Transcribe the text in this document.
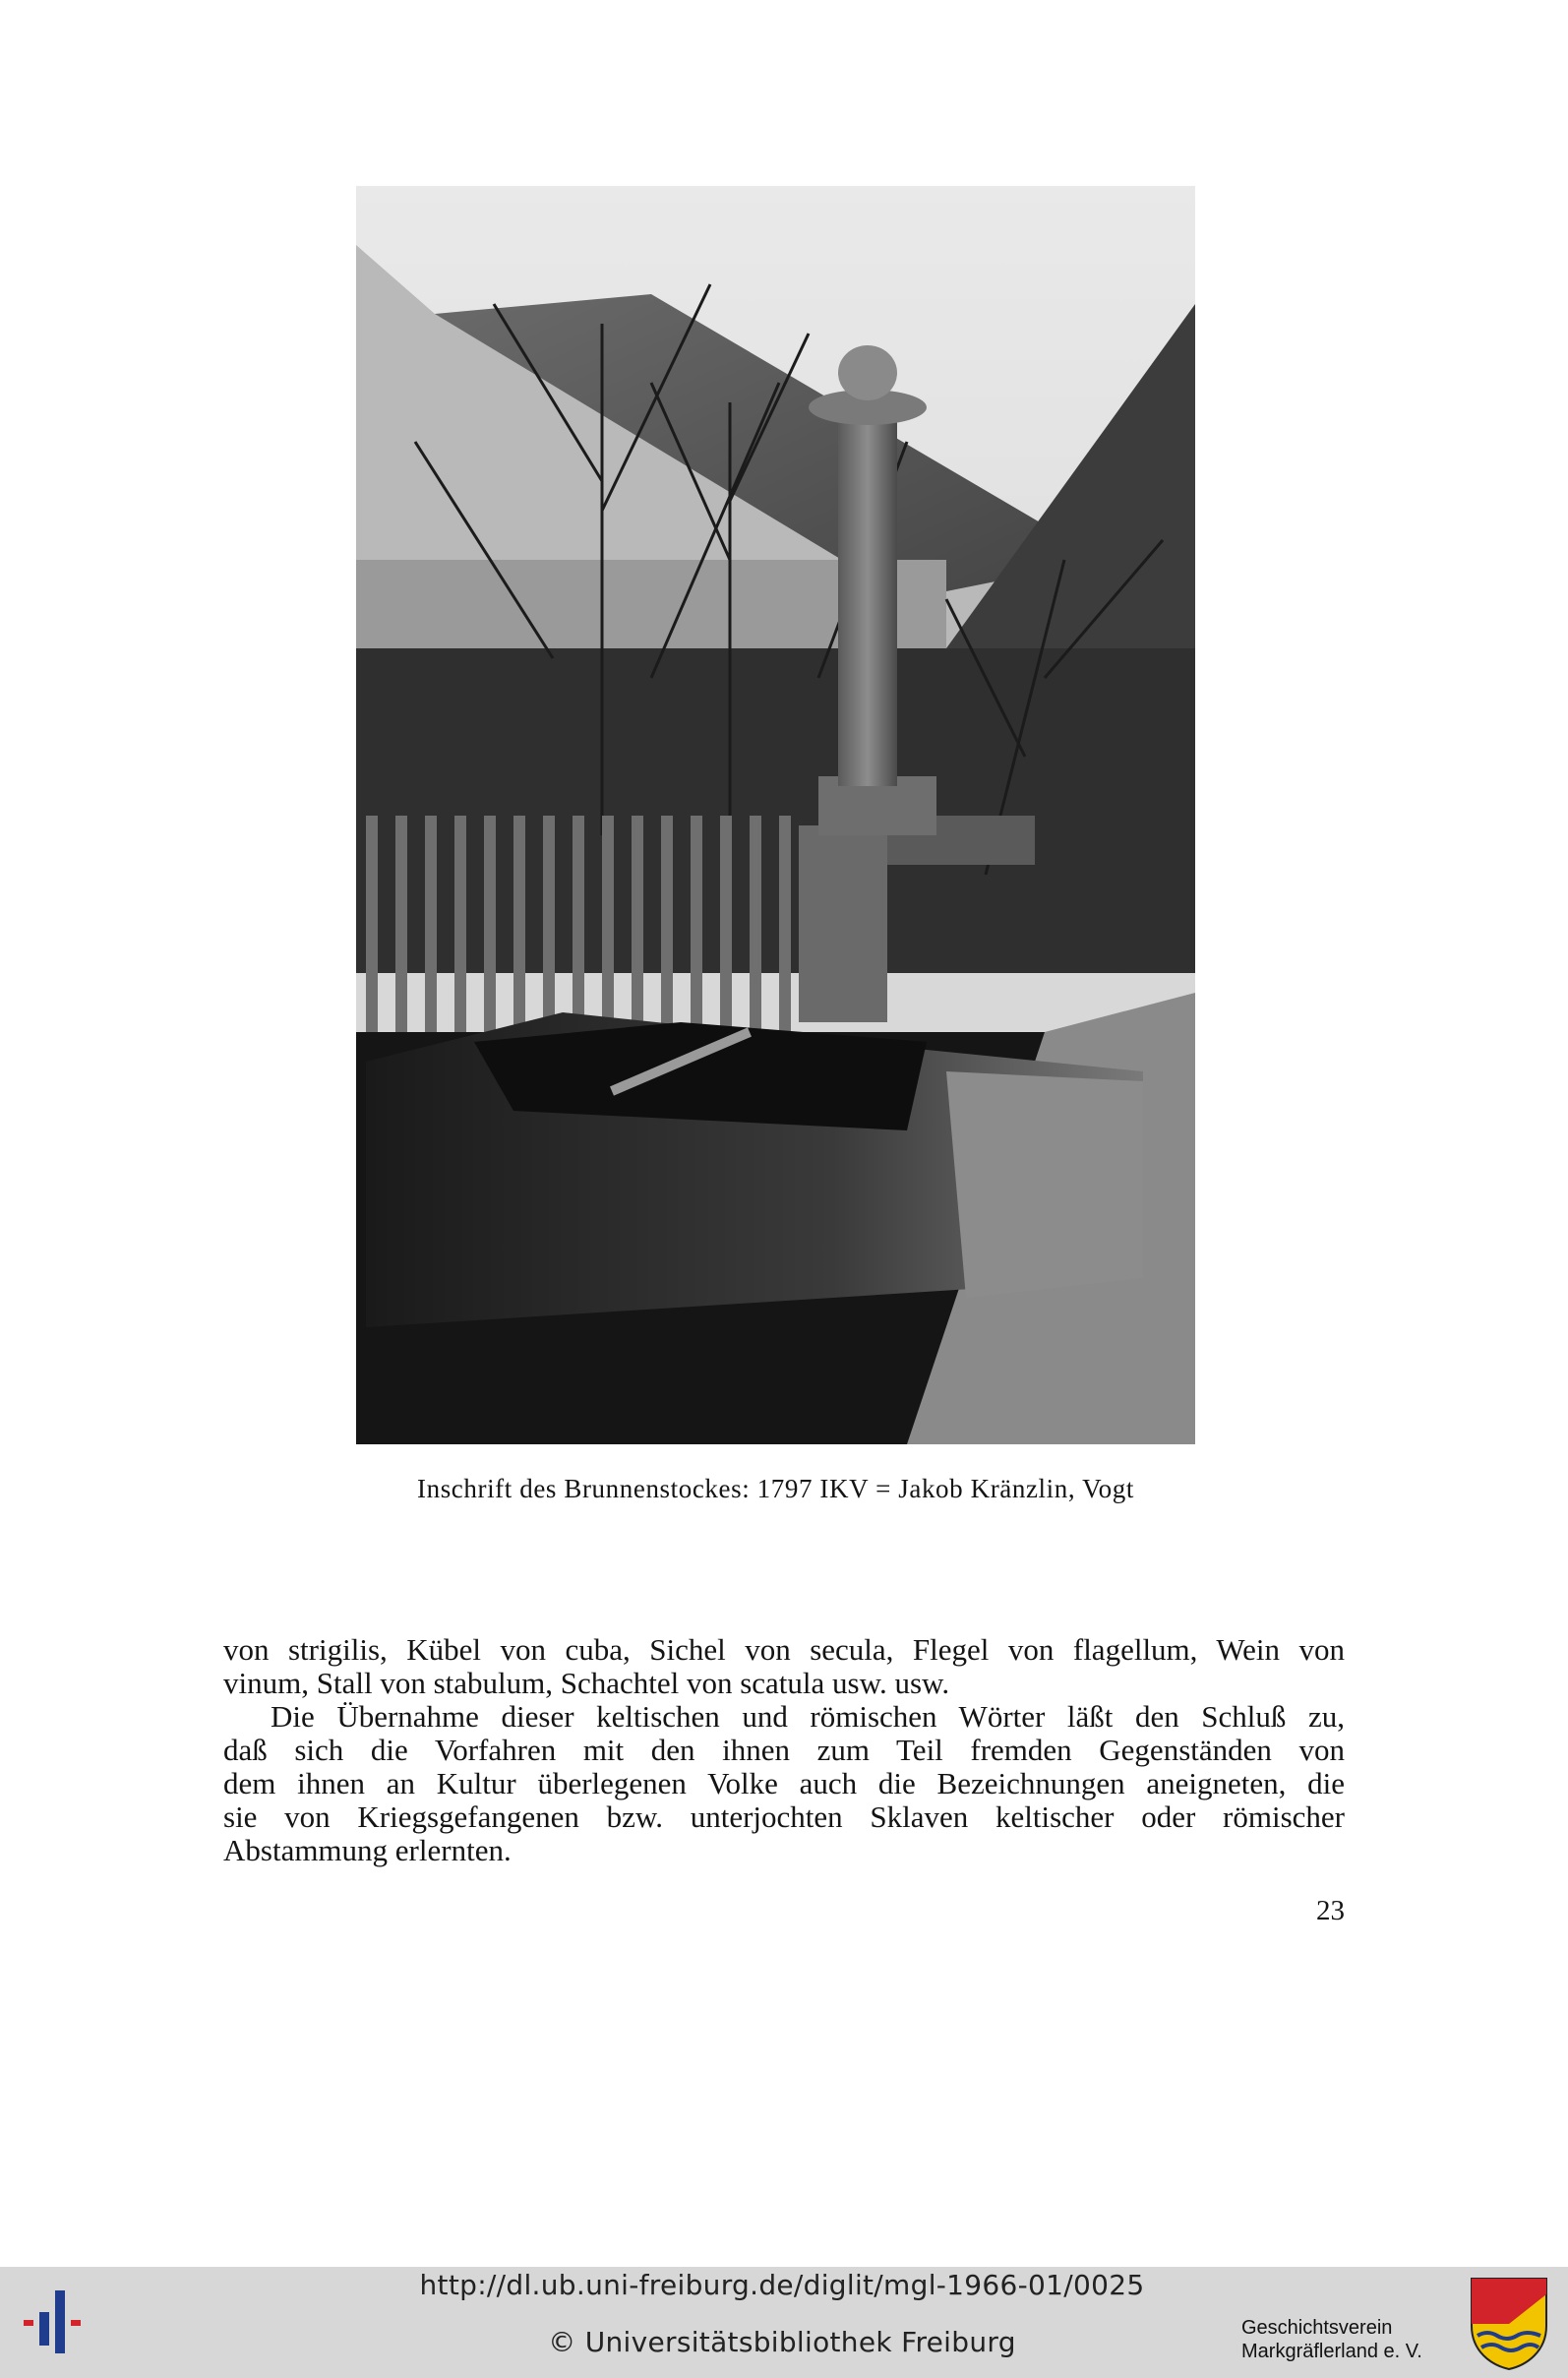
Inschrift des Brunnenstockes: 1797 IKV = Jakob Kränzlin, Vogt

von strigilis, Kübel von cuba, Sichel von secula, Flegel von flagellum, Wein von
vinum, Stall von stabulum, Schachtel von scatula usw. usw.

Die Übernahme dieser keltischen und römischen Wörter läßt den Schluß zu,
daß sich die Vorfahren mit den ihnen zum Teil fremden Gegenständen von
dem ihnen an Kultur überlegenen Volke auch die Bezeichnungen aneigneten, die
sie von Kriegsgefangenen bzw. unterjochten Sklaven keltischer oder römischer
Abstammung erlernten.

23
http://dl.ub.uni-freiburg.de/diglit/mgl-1966-01/0025
© Universitätsbibliothek Freiburg	Geschichtsverein
Markgräflerland e. V.
